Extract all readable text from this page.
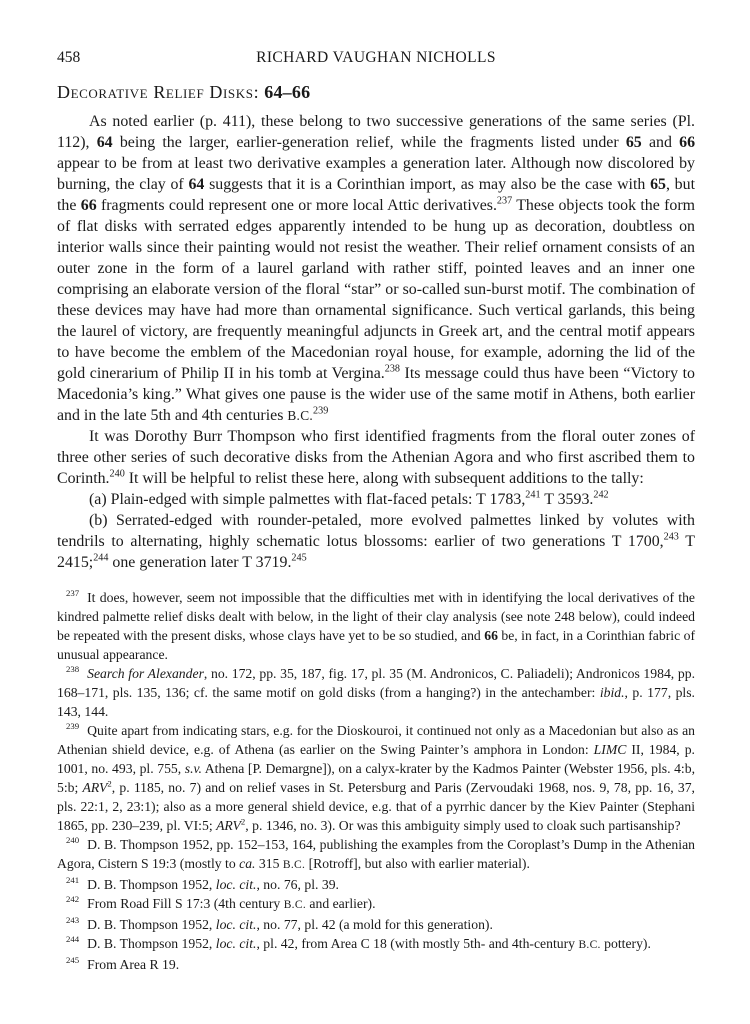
458	RICHARD VAUGHAN NICHOLLS
Decorative Relief Disks: 64–66

As noted earlier (p. 411), these belong to two successive generations of the same series (Pl. 112), 64 being the larger, earlier-generation relief, while the fragments listed under 65 and 66 appear to be from at least two derivative examples a generation later. Although now discolored by burning, the clay of 64 suggests that it is a Corinthian import, as may also be the case with 65, but the 66 fragments could represent one or more local Attic derivatives.$^{237}$ These objects took the form of flat disks with serrated edges apparently intended to be hung up as decoration, doubtless on interior walls since their painting would not resist the weather. Their relief ornament consists of an outer zone in the form of a laurel garland with rather stiff, pointed leaves and an inner one comprising an elaborate version of the floral “star” or so-called sun-burst motif. The combination of these devices may have had more than ornamental significance. Such vertical garlands, this being the laurel of victory, are frequently meaningful adjuncts in Greek art, and the central motif appears to have become the emblem of the Macedonian royal house, for example, adorning the lid of the gold cinerarium of Philip II in his tomb at Vergina.$^{238}$ Its message could thus have been “Victory to Macedonia’s king.” What gives one pause is the wider use of the same motif in Athens, both earlier and in the late 5th and 4th centuries B.C.$^{239}$

It was Dorothy Burr Thompson who first identified fragments from the floral outer zones of three other series of such decorative disks from the Athenian Agora and who first ascribed them to Corinth.$^{240}$ It will be helpful to relist these here, along with subsequent additions to the tally:

(a) Plain-edged with simple palmettes with flat-faced petals: T 1783,$^{241}$ T 3593.$^{242}$

(b) Serrated-edged with rounder-petaled, more evolved palmettes linked by volutes with tendrils to alternating, highly schematic lotus blossoms: earlier of two generations T 1700,$^{243}$ T 2415;$^{244}$ one generation later T 3719.$^{245}$

$^{237}$ It does, however, seem not impossible that the difficulties met with in identifying the local derivatives of the kindred palmette relief disks dealt with below, in the light of their clay analysis (see note 248 below), could indeed be repeated with the present disks, whose clays have yet to be so studied, and 66 be, in fact, in a Corinthian fabric of unusual appearance.

$^{238}$ Search for Alexander, no. 172, pp. 35, 187, fig. 17, pl. 35 (M. Andronicos, C. Paliadeli); Andronicos 1984, pp. 168–171, pls. 135, 136; cf. the same motif on gold disks (from a hanging?) in the antechamber: ibid., p. 177, pls. 143, 144.

$^{239}$ Quite apart from indicating stars, e.g. for the Dioskouroi, it continued not only as a Macedonian but also as an Athenian shield device, e.g. of Athena (as earlier on the Swing Painter’s amphora in London: LIMC II, 1984, p. 1001, no. 493, pl. 755, s.v. Athena [P. Demargne]), on a calyx-krater by the Kadmos Painter (Webster 1956, pls. 4:b, 5:b; ARV$^2$, p. 1185, no. 7) and on relief vases in St. Petersburg and Paris (Zervoudaki 1968, nos. 9, 78, pp. 16, 37, pls. 22:1, 2, 23:1); also as a more general shield device, e.g. that of a pyrrhic dancer by the Kiev Painter (Stephani 1865, pp. 230–239, pl. VI:5; ARV$^2$, p. 1346, no. 3). Or was this ambiguity simply used to cloak such partisanship?

$^{240}$ D. B. Thompson 1952, pp. 152–153, 164, publishing the examples from the Coroplast’s Dump in the Athenian Agora, Cistern S 19:3 (mostly to ca. 315 B.C. [Rotroff], but also with earlier material).

$^{241}$ D. B. Thompson 1952, loc. cit., no. 76, pl. 39.

$^{242}$ From Road Fill S 17:3 (4th century B.C. and earlier).

$^{243}$ D. B. Thompson 1952, loc. cit., no. 77, pl. 42 (a mold for this generation).

$^{244}$ D. B. Thompson 1952, loc. cit., pl. 42, from Area C 18 (with mostly 5th- and 4th-century B.C. pottery).

$^{245}$ From Area R 19.
